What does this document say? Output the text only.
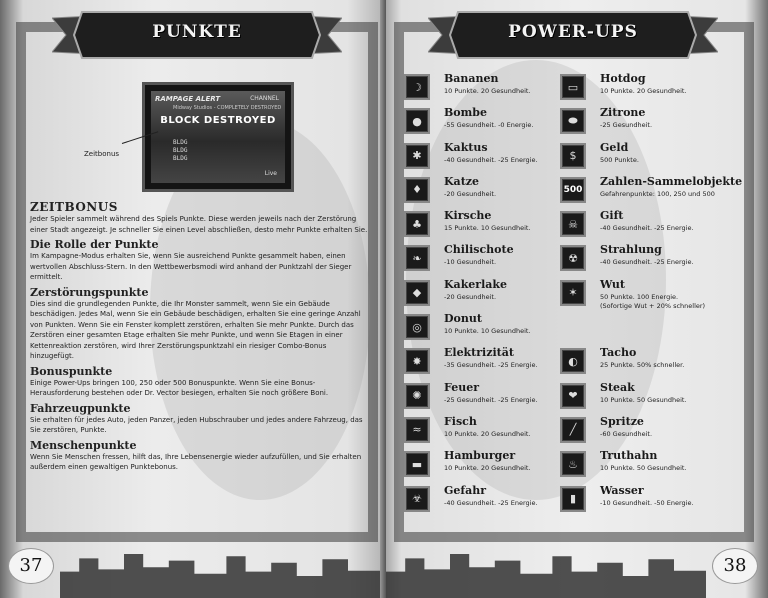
PUNKTE
RAMPAGE ALERT	CHANNEL
Midway Studios - COMPLETELY DESTROYED
BLOCK DESTROYED
BLDG
BLDG
BLDG
Live
Zeitbonus
ZEITBONUS

Jeder Spieler sammelt während des Spiels Punkte. Diese werden jeweils nach der Zerstörung einer Stadt angezeigt. Je schneller Sie einen Level abschließen, desto mehr Punkte erhalten Sie.

Die Rolle der Punkte

Im Kampagne-Modus erhalten Sie, wenn Sie ausreichend Punkte gesammelt haben, einen wertvollen Abschluss-Stern. In den Wettbewerbsmodi wird anhand der Punktzahl der Sieger ermittelt.

Zerstörungspunkte

Dies sind die grundlegenden Punkte, die Ihr Monster sammelt, wenn Sie ein Gebäude beschädigen. Jedes Mal, wenn Sie ein Gebäude beschädigen, erhalten Sie eine geringe Anzahl von Punkten. Wenn Sie ein Fenster komplett zerstören, erhalten Sie mehr Punkte. Durch das Zerstören einer gesamten Etage erhalten Sie mehr Punkte, und wenn Sie Etagen in einer Kettenreaktion zerstören, wird Ihrer Zerstörungspunktzahl ein riesiger Combo-Bonus hinzugefügt.

Bonuspunkte

Einige Power-Ups bringen 100, 250 oder 500 Bonuspunkte. Wenn Sie eine Bonus-Herausforderung bestehen oder Dr. Vector besiegen, erhalten Sie noch größere Boni.

Fahrzeugpunkte

Sie erhalten für jedes Auto, jeden Panzer, jeden Hubschrauber und jedes andere Fahrzeug, das Sie zerstören, Punkte.

Menschenpunkte

Wenn Sie Menschen fressen, hilft das, Ihre Lebensenergie wieder aufzufüllen, und Sie erhalten außerdem einen gewaltigen Punktebonus.

37
POWER-UPS
☽
Bananen
10 Punkte. 20 Gesundheit.
●
Bombe
-55 Gesundheit. -0 Energie.
✱
Kaktus
-40 Gesundheit. -25 Energie.
♦
Katze
-20 Gesundheit.
♣
Kirsche
15 Punkte. 10 Gesundheit.
❧
Chilischote
-10 Gesundheit.
◆
Kakerlake
-20 Gesundheit.
◎
Donut
10 Punkte. 10 Gesundheit.
✸
Elektrizität
-35 Gesundheit. -25 Energie.
✺
Feuer
-25 Gesundheit. -25 Energie.
≈
Fisch
10 Punkte. 20 Gesundheit.
▬
Hamburger
10 Punkte. 20 Gesundheit.
☣
Gefahr
-40 Gesundheit. -25 Energie.
▭
Hotdog
10 Punkte. 20 Gesundheit.
⬬
Zitrone
-25 Gesundheit.
$
Geld
500 Punkte.
500
Zahlen-Sammelobjekte
Gefahrenpunkte: 100, 250 und 500
☠
Gift
-40 Gesundheit. -25 Energie.
☢
Strahlung
-40 Gesundheit. -25 Energie.
✶
Wut
50 Punkte. 100 Energie.
(Sofortige Wut + 20% schneller)
◐
Tacho
25 Punkte. 50% schneller.
❤
Steak
10 Punkte. 50 Gesundheit.
╱
Spritze
-60 Gesundheit.
♨
Truthahn
10 Punkte. 50 Gesundheit.
▮
Wasser
-10 Gesundheit. -50 Energie.
38
